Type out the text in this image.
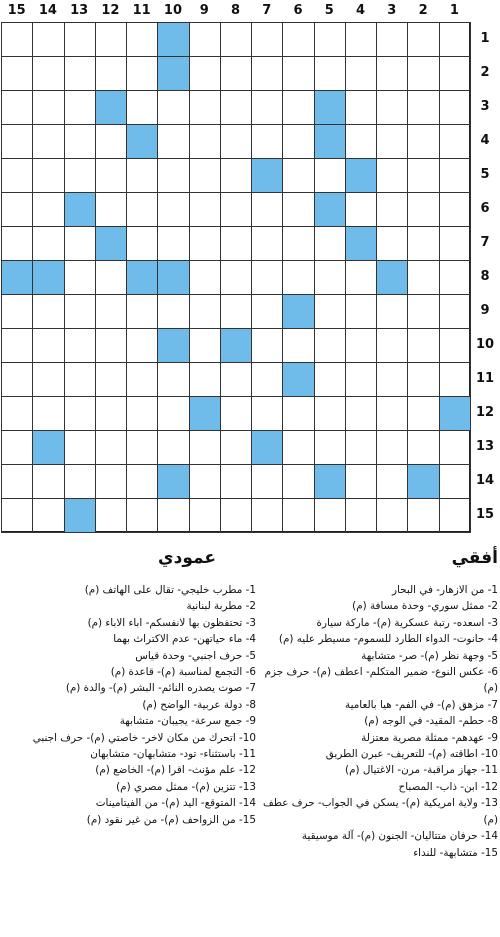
15	14	13	12	11	10	9	8	7	6	5	4	3	2	1
1
2
3
4
5
6
7
8
9
10
11
12
13
14
15
أفقي
1- من الازهار- في البحار
2- ممثل سوري- وحدة مسافة (م)
3- اسعده- رتبة عسكرية (م)- ماركة سيارة
4- حانوت- الدواء الطارد للسموم- مسيطر عليه (م)
5- وجهة نظر (م)- صر- متشابهة
6- عكس النوع- ضمير المتكلم- اعطف (م)- حرف جزم (م)
7- مزهق (م)- في الفم- هيا بالعامية
8- حطم- المقيد- في الوجه (م)
9- عهدهم- ممثلة مصرية معتزلة
10- اطاقته (م)- للتعريف- عبرن الطريق
11- جهاز مراقبة- مرن- الاغتيال (م)
12- ابن- ذاب- المصباح
13- ولاية امريكية (م)- يسكن في الجواب- حرف عطف (م)
14- حرفان متتاليان- الجنون (م)- آلة موسيقية
15- متشابهة- للنداء
عمودي
1- مطرب خليجي- تقال على الهاتف (م)
2- مطربة لبنانية
3- تحتفظون بها لانفسكم- اباء الاباء (م)
4- ماء حياتهن- عدم الاكتراث بهما
5- حرف اجنبي- وحدة قياس
6- التجمع لمناسبة (م)- قاعدة (م)
7- صوت يصدره النائم- البشر (م)- والدة (م)
8- دولة عربية- الواضح (م)
9- جمع سرعة- يجيبان- متشابهة
10- اتحرك من مكان لاخر- خاصتي (م)- حرف اجنبي
11- باستثناء- تود- متشابهان- متشابهان
12- علم مؤنث- اقرا (م)- الخاضع (م)
13- تتزين (م)- ممثل مصري (م)
14- المتوقع- اليد (م)- من الفيتامينات
15- من الزواحف (م)- من غير نقود (م)
